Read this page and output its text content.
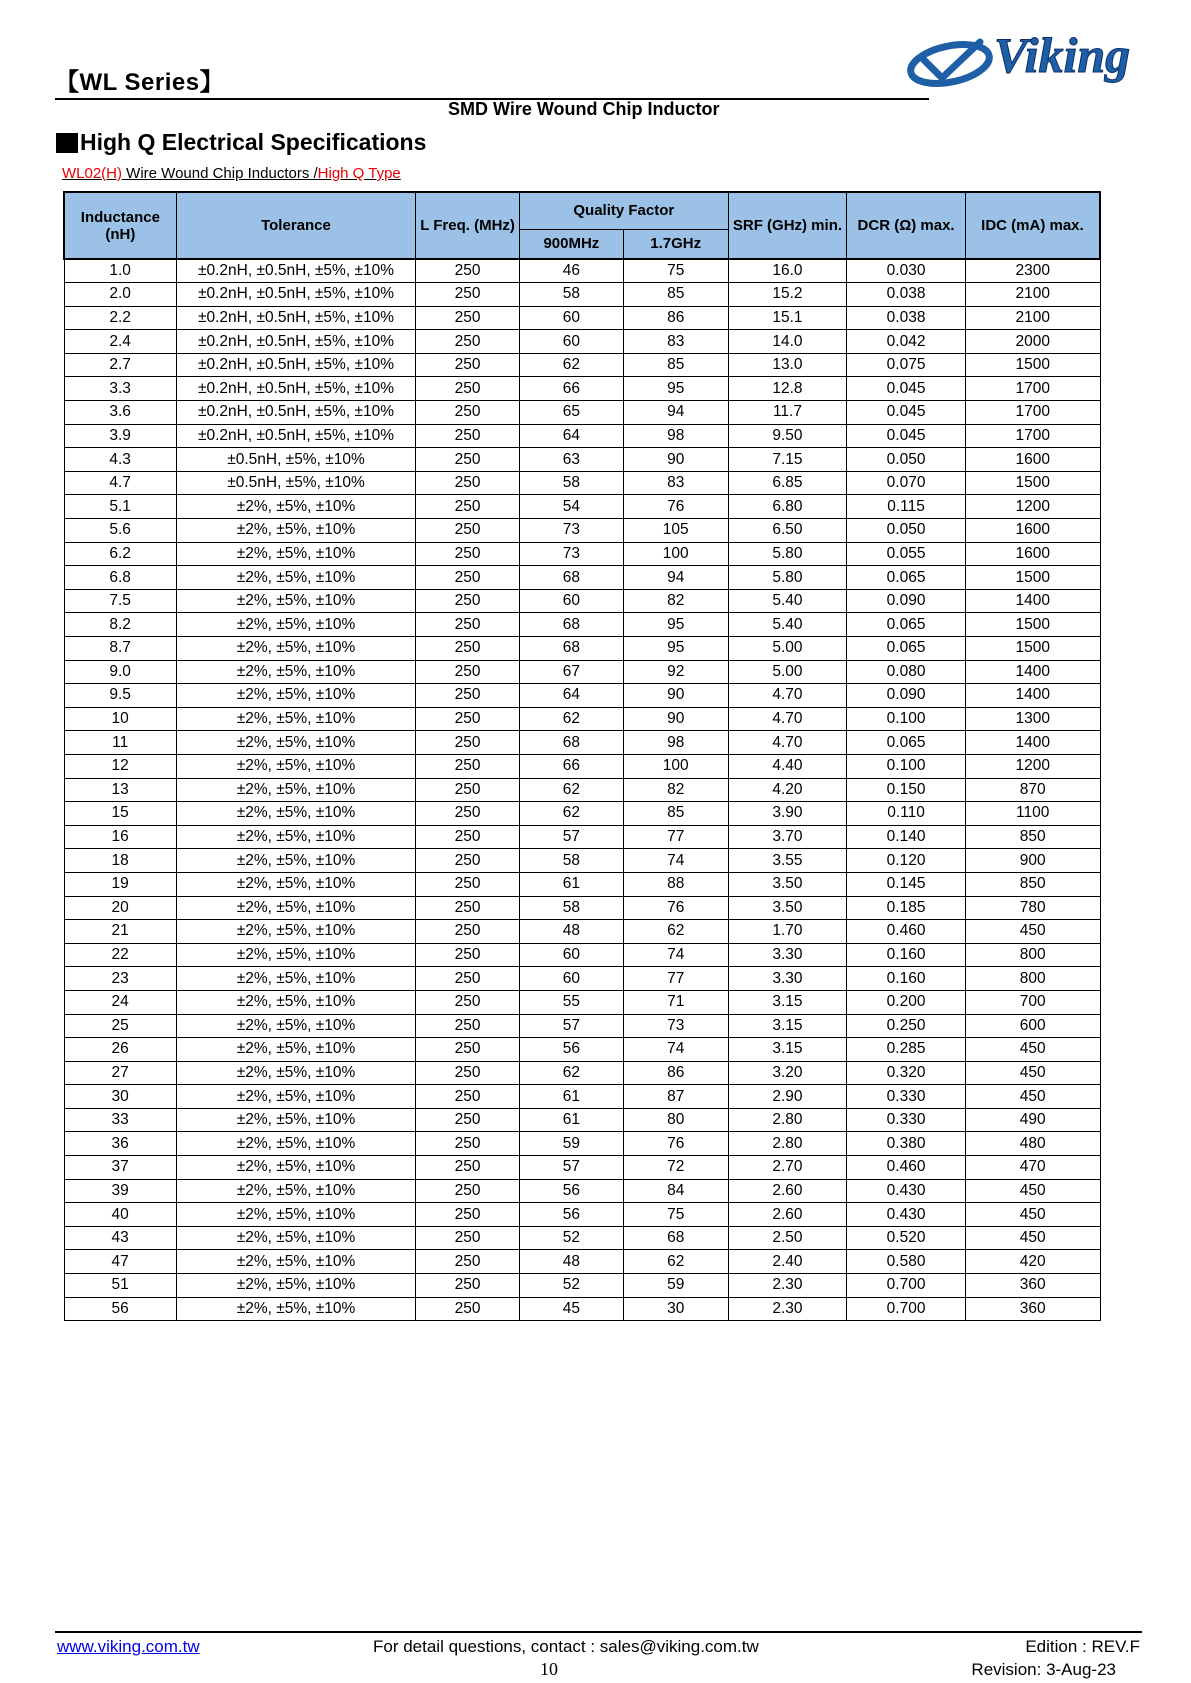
【WL Series】	Viking
SMD Wire Wound Chip Inductor
High Q Electrical Specifications
WL02(H) Wire Wound Chip Inductors /High Q Type
Inductance (nH)	Tolerance	L Freq. (MHz)	Quality Factor		SRF (GHz) min.	DCR (Ω) max.	IDC (mA) max.
			900MHz	1.7GHz			
1.0	±0.2nH, ±0.5nH, ±5%, ±10%	250	46	75	16.0	0.030	2300
2.0	±0.2nH, ±0.5nH, ±5%, ±10%	250	58	85	15.2	0.038	2100
2.2	±0.2nH, ±0.5nH, ±5%, ±10%	250	60	86	15.1	0.038	2100
2.4	±0.2nH, ±0.5nH, ±5%, ±10%	250	60	83	14.0	0.042	2000
2.7	±0.2nH, ±0.5nH, ±5%, ±10%	250	62	85	13.0	0.075	1500
3.3	±0.2nH, ±0.5nH, ±5%, ±10%	250	66	95	12.8	0.045	1700
3.6	±0.2nH, ±0.5nH, ±5%, ±10%	250	65	94	11.7	0.045	1700
3.9	±0.2nH, ±0.5nH, ±5%, ±10%	250	64	98	9.50	0.045	1700
4.3	±0.5nH, ±5%, ±10%	250	63	90	7.15	0.050	1600
4.7	±0.5nH, ±5%, ±10%	250	58	83	6.85	0.070	1500
5.1	±2%, ±5%, ±10%	250	54	76	6.80	0.115	1200
5.6	±2%, ±5%, ±10%	250	73	105	6.50	0.050	1600
6.2	±2%, ±5%, ±10%	250	73	100	5.80	0.055	1600
6.8	±2%, ±5%, ±10%	250	68	94	5.80	0.065	1500
7.5	±2%, ±5%, ±10%	250	60	82	5.40	0.090	1400
8.2	±2%, ±5%, ±10%	250	68	95	5.40	0.065	1500
8.7	±2%, ±5%, ±10%	250	68	95	5.00	0.065	1500
9.0	±2%, ±5%, ±10%	250	67	92	5.00	0.080	1400
9.5	±2%, ±5%, ±10%	250	64	90	4.70	0.090	1400
10	±2%, ±5%, ±10%	250	62	90	4.70	0.100	1300
11	±2%, ±5%, ±10%	250	68	98	4.70	0.065	1400
12	±2%, ±5%, ±10%	250	66	100	4.40	0.100	1200
13	±2%, ±5%, ±10%	250	62	82	4.20	0.150	870
15	±2%, ±5%, ±10%	250	62	85	3.90	0.110	1100
16	±2%, ±5%, ±10%	250	57	77	3.70	0.140	850
18	±2%, ±5%, ±10%	250	58	74	3.55	0.120	900
19	±2%, ±5%, ±10%	250	61	88	3.50	0.145	850
20	±2%, ±5%, ±10%	250	58	76	3.50	0.185	780
21	±2%, ±5%, ±10%	250	48	62	1.70	0.460	450
22	±2%, ±5%, ±10%	250	60	74	3.30	0.160	800
23	±2%, ±5%, ±10%	250	60	77	3.30	0.160	800
24	±2%, ±5%, ±10%	250	55	71	3.15	0.200	700
25	±2%, ±5%, ±10%	250	57	73	3.15	0.250	600
26	±2%, ±5%, ±10%	250	56	74	3.15	0.285	450
27	±2%, ±5%, ±10%	250	62	86	3.20	0.320	450
30	±2%, ±5%, ±10%	250	61	87	2.90	0.330	450
33	±2%, ±5%, ±10%	250	61	80	2.80	0.330	490
36	±2%, ±5%, ±10%	250	59	76	2.80	0.380	480
37	±2%, ±5%, ±10%	250	57	72	2.70	0.460	470
39	±2%, ±5%, ±10%	250	56	84	2.60	0.430	450
40	±2%, ±5%, ±10%	250	56	75	2.60	0.430	450
43	±2%, ±5%, ±10%	250	52	68	2.50	0.520	450
47	±2%, ±5%, ±10%	250	48	62	2.40	0.580	420
51	±2%, ±5%, ±10%	250	52	59	2.30	0.700	360
56	±2%, ±5%, ±10%	250	45	30	2.30	0.700	360
www.viking.com.tw	For detail questions, contact : sales@viking.com.tw
10
Edition : REV.F
Revision: 3-Aug-23
